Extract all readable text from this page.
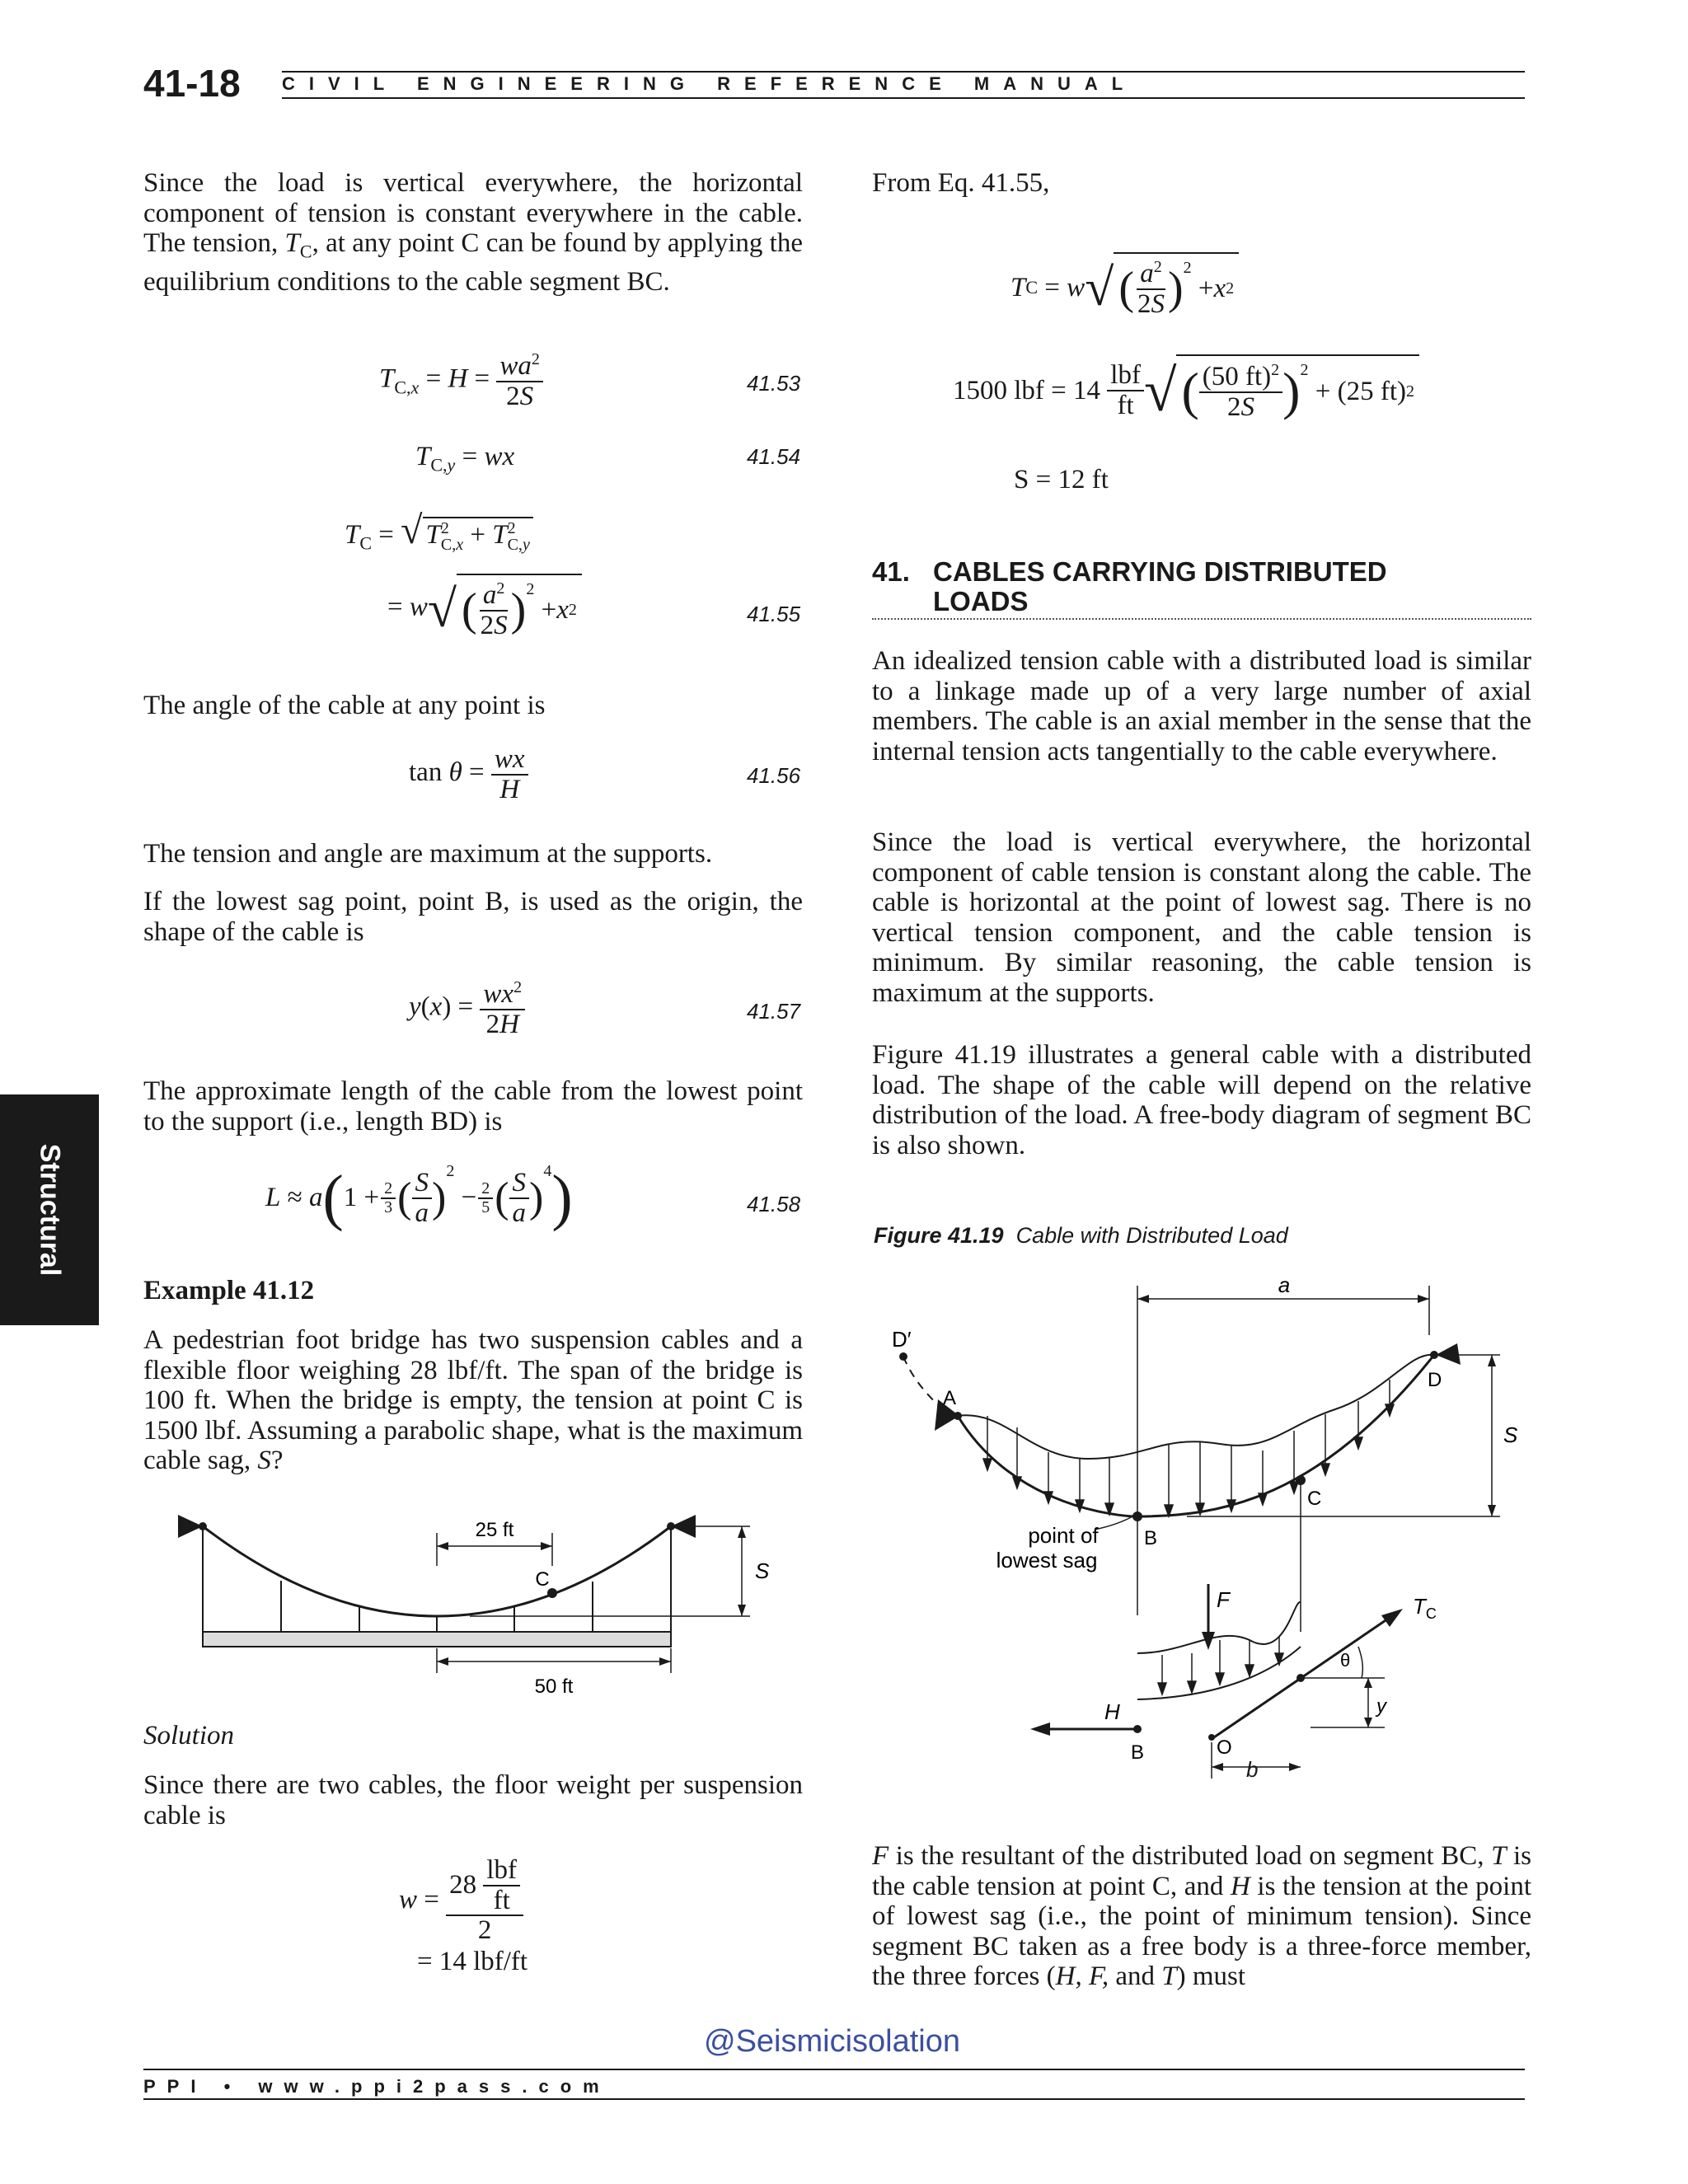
41-18 CIVIL ENGINEERING REFERENCE MANUAL
Structural
Since the load is vertical everywhere, the horizontal component of tension is constant everywhere in the cable. The tension, $T_C$, at any point C can be found by applying the equilibrium conditions to the cable segment BC.
$T_{C,x} = H = \frac{wa^2}{2S}$	41.53
$T_{C,y}$ = wx	41.54
$T_C$ = √ $T^2_{C,x} + T^2_{C,y}$
= w√ ( $\frac{a^2}{2S} )^2$
+ x 2	41.55
The angle of the cable at any point is
$\tan \theta = \frac{wx}{H}$	41.56
The tension and angle are maximum at the supports.
If the lowest sag point, point B, is used as the origin, the shape of the cable is
$y(x) = \frac{wx^2}{2H}$	41.57
The approximate length of the cable from the lowest point to the support (i.e., length BD) is
L ≈ a ( $1 + \frac{2}{3}$ ( $\frac{S}{a}$ )
$^2$
− $\frac{2}{5}$ ( $\frac{S}{a}$ )
$^4$ )	41.58
Example 41.12
A pedestrian foot bridge has two suspension cables and a flexible floor weighing 28 lbf/ft. The span of the bridge is 100 ft. When the bridge is empty, the tension at point C is 1500 lbf. Assuming a parabolic shape, what is the maximum cable sag, S?
25 ft
C	S
50 ft
Solution
Since there are two cables, the floor weight per suspension cable is
w = 28
$\frac{\text{lbf}}{ft}$
2
= 14 lbf/ft
From Eq. 41.55,
T C = w √ ( $\frac{a^2}{2S} )^2$
+ x 2
1500 lbf = 14
$\frac{\text{lbf}}{ft}$ √ ( $\frac{(50 ft)^2}{2S} )^2$

+ (25 ft) 2
S = 12 ft
41. CABLES CARRYING DISTRIBUTED
LOADS
An idealized tension cable with a distributed load is similar to a linkage made up of a very large number of axial members. The cable is an axial member in the sense that the internal tension acts tangentially to the cable everywhere.
Since the load is vertical everywhere, the horizontal component of cable tension is constant along the cable. The cable is horizontal at the point of lowest sag. There is no vertical tension component, and the cable tension is minimum. By similar reasoning, the cable tension is maximum at the supports.
Figure 41.19 illustrates a general cable with a distributed load. The shape of the cable will depend on the relative distribution of the load. A free-body diagram of segment BC is also shown.
Figure 41.19 Cable with Distributed Load
a
D′
A
D
C
B
S
point of
lowest sag
F	$T_C$
θ
y
H
B	O
b
F is the resultant of the distributed load on segment BC, T is the cable tension at point C, and H is the tension at the point of lowest sag (i.e., the point of minimum tension). Since segment BC taken as a free body is a three-force member, the three forces (H, F, and T) must
@Seismicisolation
PPI • www.ppi2pass.com
